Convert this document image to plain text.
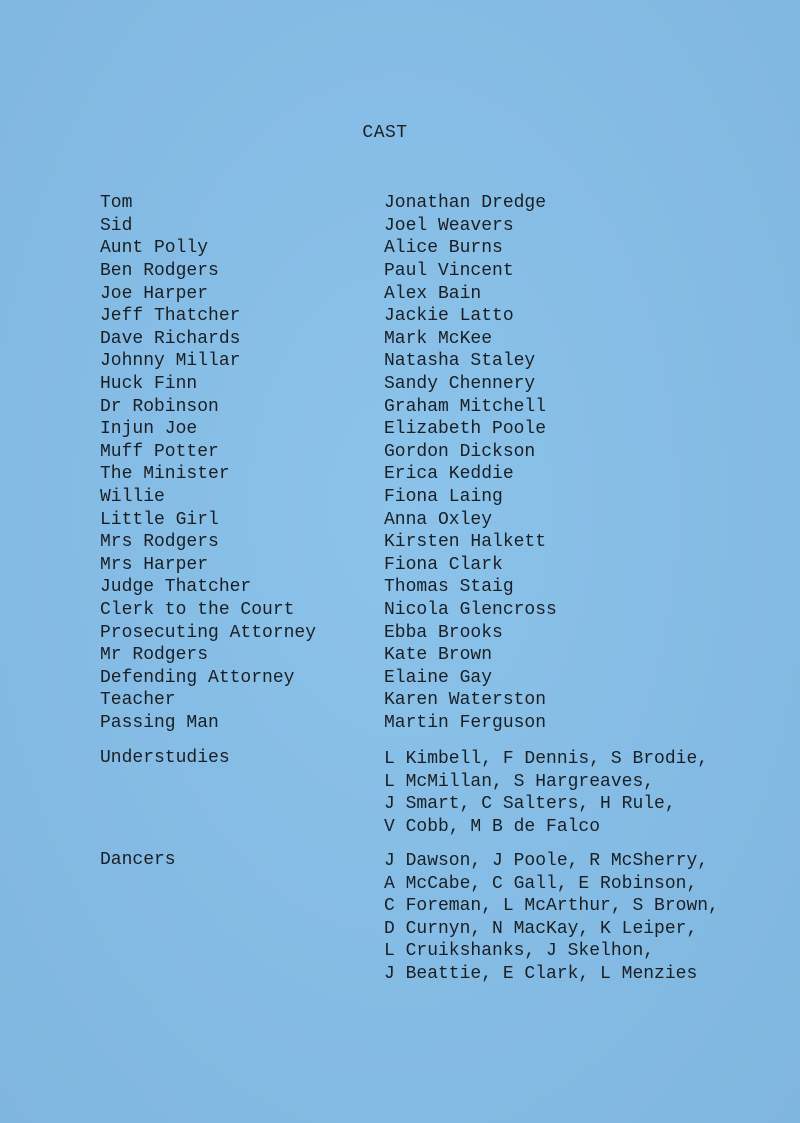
CAST
Tom	Jonathan Dredge
Sid	Joel Weavers
Aunt Polly	Alice Burns
Ben Rodgers	Paul Vincent
Joe Harper	Alex Bain
Jeff Thatcher	Jackie Latto
Dave Richards	Mark McKee
Johnny Millar	Natasha Staley
Huck Finn	Sandy Chennery
Dr Robinson	Graham Mitchell
Injun Joe	Elizabeth Poole
Muff Potter	Gordon Dickson
The Minister	Erica Keddie
Willie	Fiona Laing
Little Girl	Anna Oxley
Mrs Rodgers	Kirsten Halkett
Mrs Harper	Fiona Clark
Judge Thatcher	Thomas Staig
Clerk to the Court	Nicola Glencross
Prosecuting Attorney	Ebba Brooks
Mr Rodgers	Kate Brown
Defending Attorney	Elaine Gay
Teacher	Karen Waterston
Passing Man	Martin Ferguson
Understudies	L Kimbell, F Dennis, S Brodie,
L McMillan, S Hargreaves,
J Smart, C Salters, H Rule,
V Cobb, M B de Falco
Dancers	J Dawson, J Poole, R McSherry,
A McCabe, C Gall, E Robinson,
C Foreman, L McArthur, S Brown,
D Curnyn, N MacKay, K Leiper,
L Cruikshanks, J Skelhon,
J Beattie, E Clark, L Menzies
